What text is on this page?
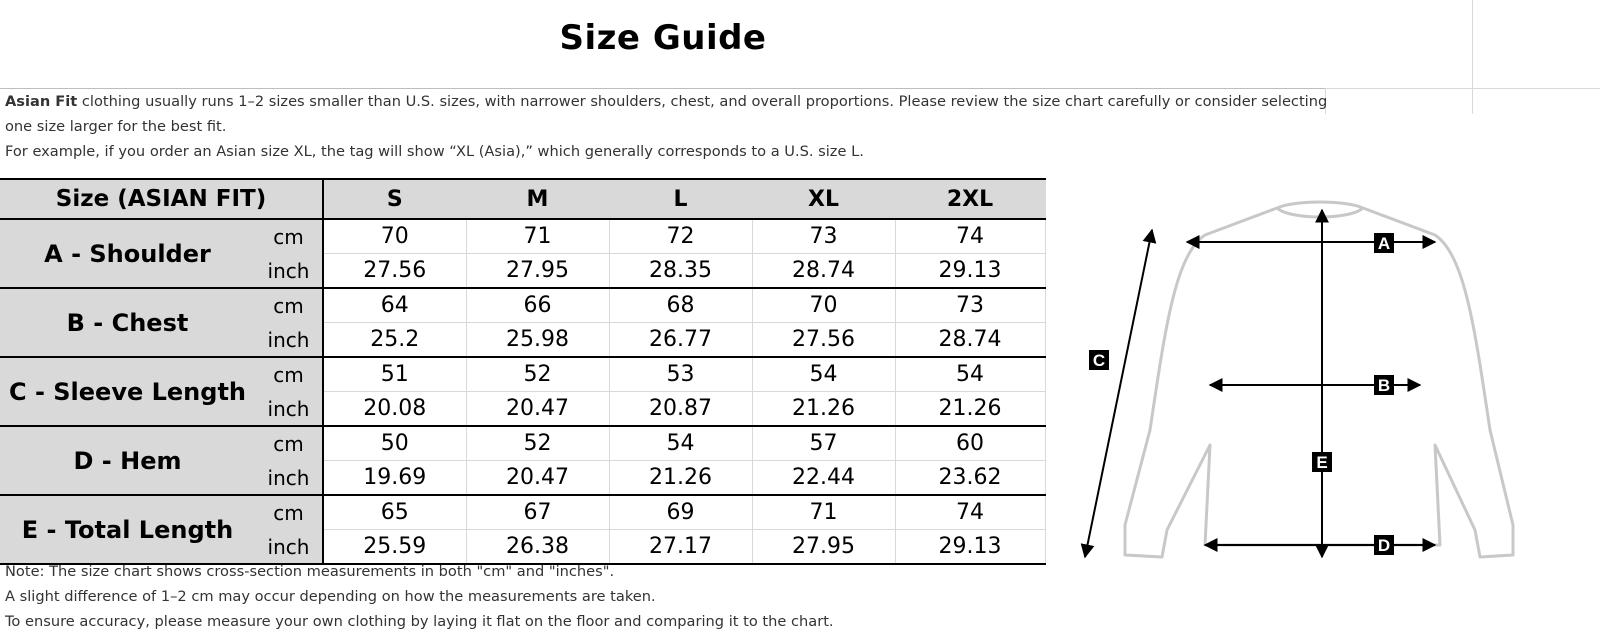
Size Guide
Asian Fit clothing usually runs 1–2 sizes smaller than U.S. sizes, with narrower shoulders, chest, and overall proportions. Please review the size chart carefully or consider selecting
one size larger for the best fit.
For example, if you order an Asian size XL, the tag will show “XL (Asia),” which generally corresponds to a U.S. size L.
Size (ASIAN FIT)		S	M	L	XL	2XL
A - Shoulder	cm	70	71	72	73	74
	inch	27.56	27.95	28.35	28.74	29.13
B - Chest	cm	64	66	68	70	73
	inch	25.2	25.98	26.77	27.56	28.74
C - Sleeve Length	cm	51	52	53	54	54
	inch	20.08	20.47	20.87	21.26	21.26
D - Hem	cm	50	52	54	57	60
	inch	19.69	20.47	21.26	22.44	23.62
E - Total Length	cm	65	67	69	71	74
	inch	25.59	26.38	27.17	27.95	29.13
Note: The size chart shows cross-section measurements in both "cm" and "inches".
A slight difference of 1–2 cm may occur depending on how the measurements are taken.
To ensure accuracy, please measure your own clothing by laying it flat on the floor and comparing it to the chart.
A
B
C
D
E
